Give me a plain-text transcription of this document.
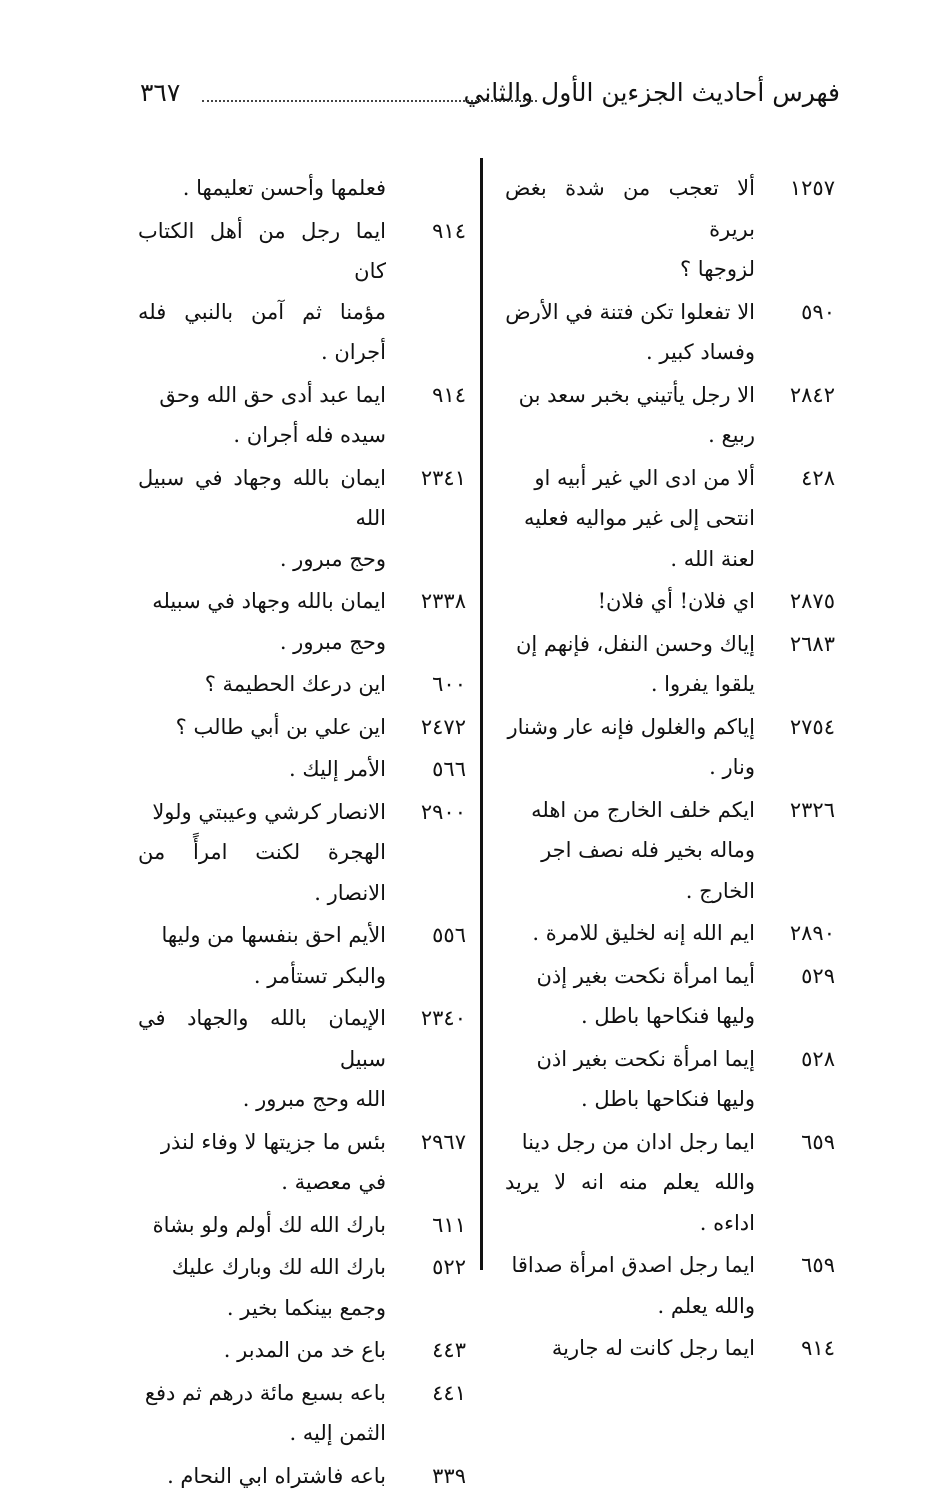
فهرس أحاديث الجزءين الأول والثاني
٣٦٧
١٢٥٧
ألا تعجب من شدة بغض بريرة
لزوجها ؟
٥٩٠
الا تفعلوا تكن فتنة في الأرض
وفساد كبير .
٢٨٤٢
الا رجل يأتيني بخبر سعد بن
ربيع .
٤٢٨
ألا من ادى الي غير أبيه او
انتحى إلى غير مواليه فعليه
لعنة الله .
٢٨٧٥
اي فلان! أي فلان!
٢٦٨٣
إياك وحسن النفل، فإنهم إن
يلقوا يفروا .
٢٧٥٤
إياكم والغلول فإنه عار وشنار
ونار .
٢٣٢٦
ايكم خلف الخارج من اهله
وماله بخير فله نصف اجر
الخارج .
٢٨٩٠
ايم الله إنه لخليق للامرة .
٥٢٩
أيما امرأة نكحت بغير إذن
وليها فنكاحها باطل .
٥٢٨
إيما امرأة نكحت بغير اذن
وليها فنكاحها باطل .
٦٥٩
ايما رجل ادان من رجل دينا
والله يعلم منه انه لا يريد اداءه .
٦٥٩
ايما رجل اصدق امرأة صداقا
والله يعلم .
٩١٤
ايما رجل كانت له جارية
فعلمها وأحسن تعليمها .
٩١٤
ايما رجل من أهل الكتاب كان
مؤمنا ثم آمن بالنبي فله أجران .
٩١٤
ايما عبد أدى حق الله وحق
سيده فله أجران .
٢٣٤١
ايمان بالله وجهاد في سبيل الله
وحج مبرور .
٢٣٣٨
ايمان بالله وجهاد في سبيله
وحج مبرور .
٦٠٠
اين درعك الحطيمة ؟
٢٤٧٢
اين علي بن أبي طالب ؟
٥٦٦
الأمر إليك .
٢٩٠٠
الانصار كرشي وعيبتي ولولا
الهجرة لكنت امرأً من الانصار .
٥٥٦
الأيم احق بنفسها من وليها
والبكر تستأمر .
٢٣٤٠
الإيمان بالله والجهاد في سبيل
الله وحج مبرور .
٢٩٦٧
بئس ما جزيتها لا وفاء لنذر
في معصية .
٦١١
بارك الله لك أولم ولو بشاة
٥٢٢
بارك الله لك وبارك عليك
وجمع بينكما بخير .
٤٤٣
باع خد من المدبر .
٤٤١
باعه بسبع مائة درهم ثم دفع
الثمن إليه .
٣٣٩
باعه فاشتراه ابي النحام .
